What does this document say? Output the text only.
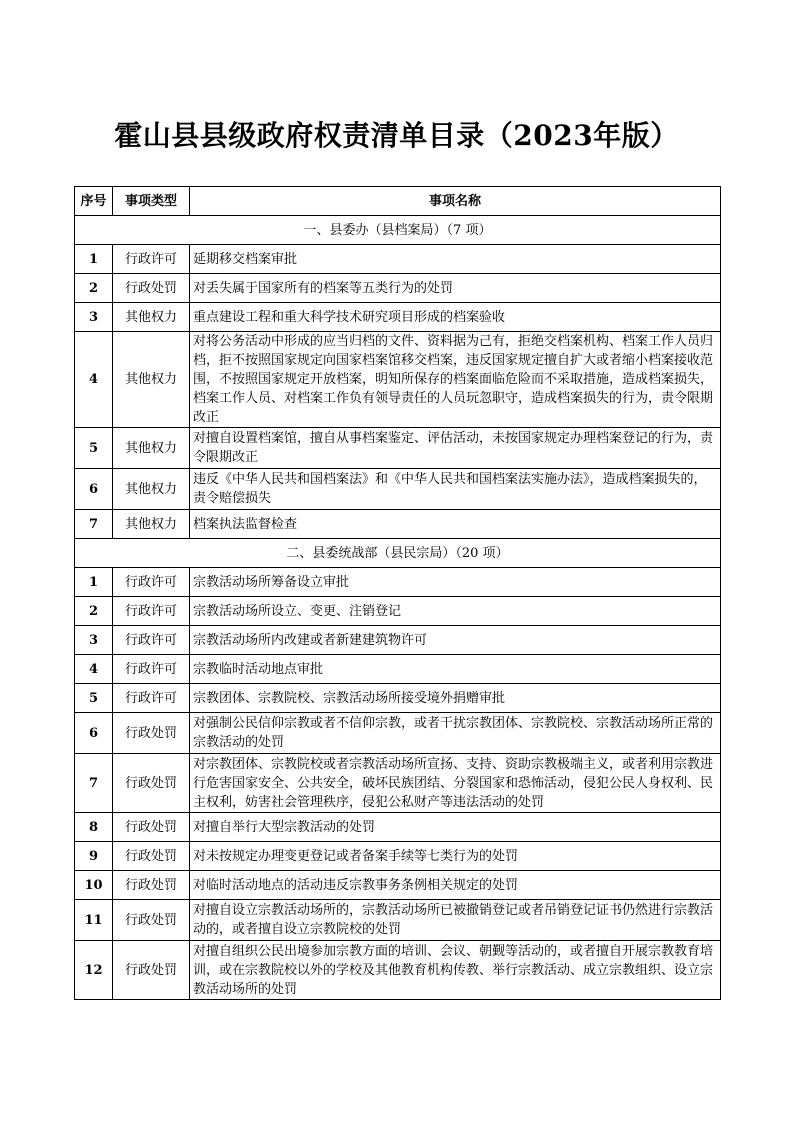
霍山县县级政府权责清单目录（2023年版）
序号	事项类型	事项名称
一、县委办（县档案局）（7 项）		
1	行政许可	延期移交档案审批
2	行政处罚	对丢失属于国家所有的档案等五类行为的处罚
3	其他权力	重点建设工程和重大科学技术研究项目形成的档案验收
4	其他权力	对将公务活动中形成的应当归档的文件、资料据为己有，拒绝交档案机构、档案工作人员归档，拒不按照国家规定向国家档案馆移交档案，违反国家规定擅自扩大或者缩小档案接收范围，不按照国家规定开放档案，明知所保存的档案面临危险而不采取措施，造成档案损失，档案工作人员、对档案工作负有领导责任的人员玩忽职守，造成档案损失的行为，责令限期改正
5	其他权力	对擅自设置档案馆，擅自从事档案鉴定、评估活动，未按国家规定办理档案登记的行为，责令限期改正
6	其他权力	违反《中华人民共和国档案法》和《中华人民共和国档案法实施办法》，造成档案损失的，责令赔偿损失
7	其他权力	档案执法监督检查
二、县委统战部（县民宗局）（20 项）		
1	行政许可	宗教活动场所筹备设立审批
2	行政许可	宗教活动场所设立、变更、注销登记
3	行政许可	宗教活动场所内改建或者新建建筑物许可
4	行政许可	宗教临时活动地点审批
5	行政许可	宗教团体、宗教院校、宗教活动场所接受境外捐赠审批
6	行政处罚	对强制公民信仰宗教或者不信仰宗教，或者干扰宗教团体、宗教院校、宗教活动场所正常的宗教活动的处罚
7	行政处罚	对宗教团体、宗教院校或者宗教活动场所宣扬、支持、资助宗教极端主义，或者利用宗教进行危害国家安全、公共安全，破坏民族团结、分裂国家和恐怖活动，侵犯公民人身权利、民主权利，妨害社会管理秩序，侵犯公私财产等违法活动的处罚
8	行政处罚	对擅自举行大型宗教活动的处罚
9	行政处罚	对未按规定办理变更登记或者备案手续等七类行为的处罚
10	行政处罚	对临时活动地点的活动违反宗教事务条例相关规定的处罚
11	行政处罚	对擅自设立宗教活动场所的，宗教活动场所已被撤销登记或者吊销登记证书仍然进行宗教活动的，或者擅自设立宗教院校的处罚
12	行政处罚	对擅自组织公民出境参加宗教方面的培训、会议、朝觐等活动的，或者擅自开展宗教教育培训，或在宗教院校以外的学校及其他教育机构传教、举行宗教活动、成立宗教组织、设立宗教活动场所的处罚
